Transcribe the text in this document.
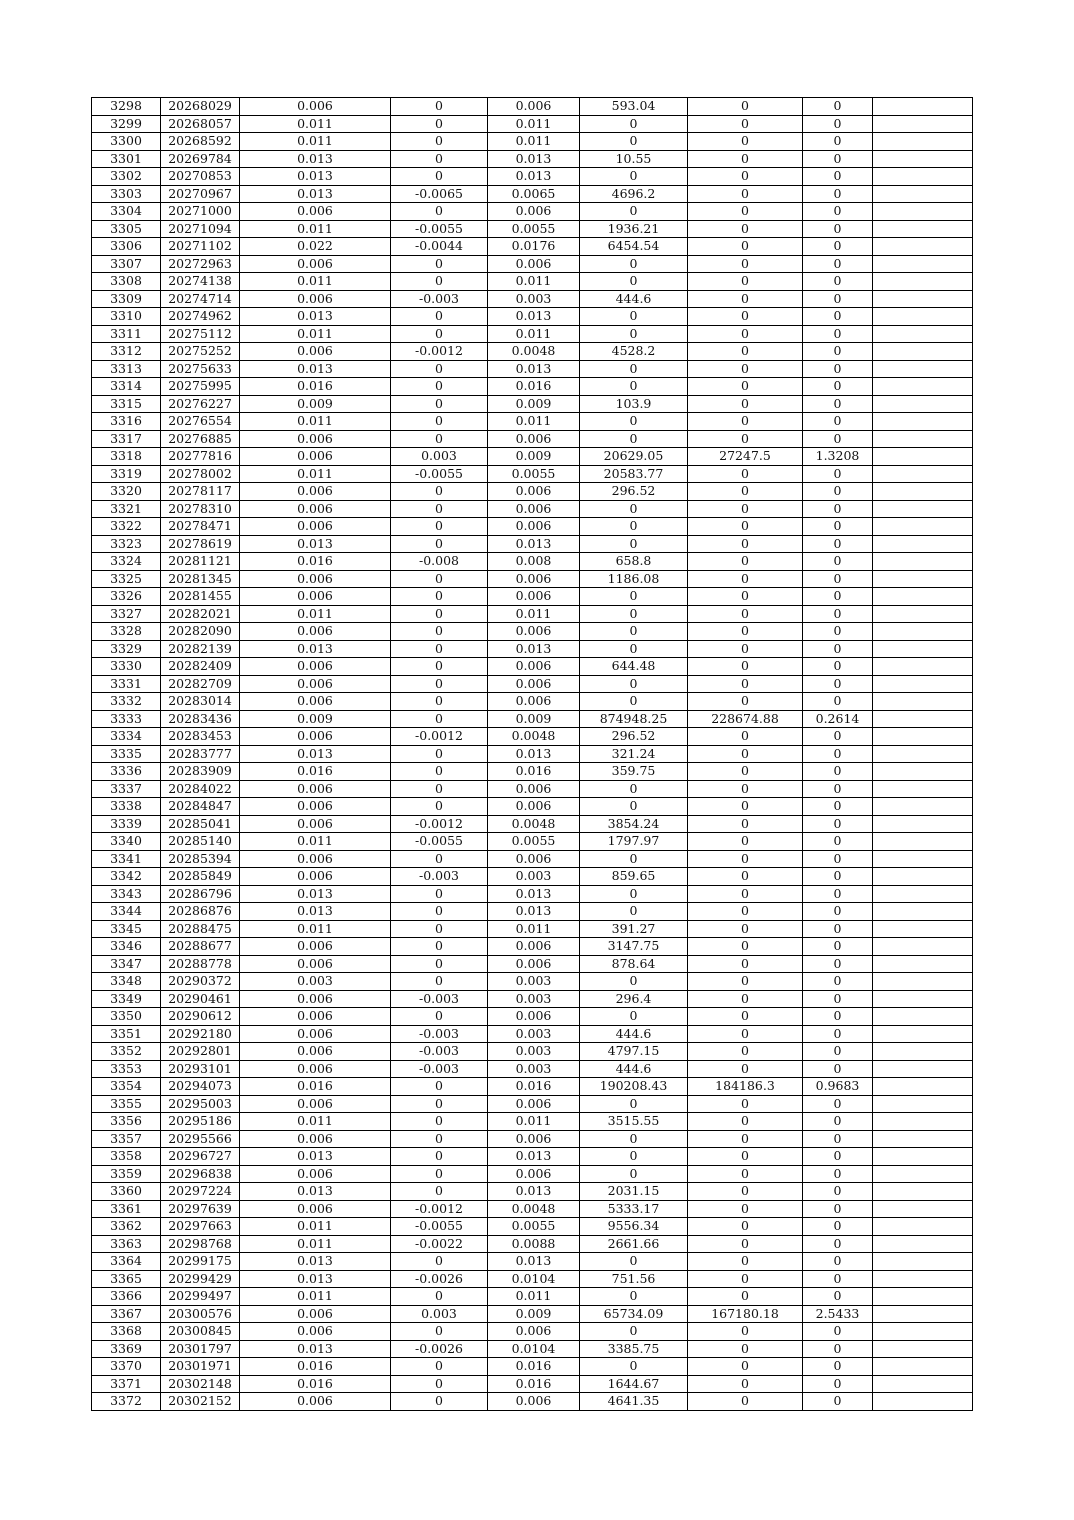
3298	20268029	0.006	0	0.006	593.04	0	0	
3299	20268057	0.011	0	0.011	0	0	0	
3300	20268592	0.011	0	0.011	0	0	0	
3301	20269784	0.013	0	0.013	10.55	0	0	
3302	20270853	0.013	0	0.013	0	0	0	
3303	20270967	0.013	-0.0065	0.0065	4696.2	0	0	
3304	20271000	0.006	0	0.006	0	0	0	
3305	20271094	0.011	-0.0055	0.0055	1936.21	0	0	
3306	20271102	0.022	-0.0044	0.0176	6454.54	0	0	
3307	20272963	0.006	0	0.006	0	0	0	
3308	20274138	0.011	0	0.011	0	0	0	
3309	20274714	0.006	-0.003	0.003	444.6	0	0	
3310	20274962	0.013	0	0.013	0	0	0	
3311	20275112	0.011	0	0.011	0	0	0	
3312	20275252	0.006	-0.0012	0.0048	4528.2	0	0	
3313	20275633	0.013	0	0.013	0	0	0	
3314	20275995	0.016	0	0.016	0	0	0	
3315	20276227	0.009	0	0.009	103.9	0	0	
3316	20276554	0.011	0	0.011	0	0	0	
3317	20276885	0.006	0	0.006	0	0	0	
3318	20277816	0.006	0.003	0.009	20629.05	27247.5	1.3208	
3319	20278002	0.011	-0.0055	0.0055	20583.77	0	0	
3320	20278117	0.006	0	0.006	296.52	0	0	
3321	20278310	0.006	0	0.006	0	0	0	
3322	20278471	0.006	0	0.006	0	0	0	
3323	20278619	0.013	0	0.013	0	0	0	
3324	20281121	0.016	-0.008	0.008	658.8	0	0	
3325	20281345	0.006	0	0.006	1186.08	0	0	
3326	20281455	0.006	0	0.006	0	0	0	
3327	20282021	0.011	0	0.011	0	0	0	
3328	20282090	0.006	0	0.006	0	0	0	
3329	20282139	0.013	0	0.013	0	0	0	
3330	20282409	0.006	0	0.006	644.48	0	0	
3331	20282709	0.006	0	0.006	0	0	0	
3332	20283014	0.006	0	0.006	0	0	0	
3333	20283436	0.009	0	0.009	874948.25	228674.88	0.2614	
3334	20283453	0.006	-0.0012	0.0048	296.52	0	0	
3335	20283777	0.013	0	0.013	321.24	0	0	
3336	20283909	0.016	0	0.016	359.75	0	0	
3337	20284022	0.006	0	0.006	0	0	0	
3338	20284847	0.006	0	0.006	0	0	0	
3339	20285041	0.006	-0.0012	0.0048	3854.24	0	0	
3340	20285140	0.011	-0.0055	0.0055	1797.97	0	0	
3341	20285394	0.006	0	0.006	0	0	0	
3342	20285849	0.006	-0.003	0.003	859.65	0	0	
3343	20286796	0.013	0	0.013	0	0	0	
3344	20286876	0.013	0	0.013	0	0	0	
3345	20288475	0.011	0	0.011	391.27	0	0	
3346	20288677	0.006	0	0.006	3147.75	0	0	
3347	20288778	0.006	0	0.006	878.64	0	0	
3348	20290372	0.003	0	0.003	0	0	0	
3349	20290461	0.006	-0.003	0.003	296.4	0	0	
3350	20290612	0.006	0	0.006	0	0	0	
3351	20292180	0.006	-0.003	0.003	444.6	0	0	
3352	20292801	0.006	-0.003	0.003	4797.15	0	0	
3353	20293101	0.006	-0.003	0.003	444.6	0	0	
3354	20294073	0.016	0	0.016	190208.43	184186.3	0.9683	
3355	20295003	0.006	0	0.006	0	0	0	
3356	20295186	0.011	0	0.011	3515.55	0	0	
3357	20295566	0.006	0	0.006	0	0	0	
3358	20296727	0.013	0	0.013	0	0	0	
3359	20296838	0.006	0	0.006	0	0	0	
3360	20297224	0.013	0	0.013	2031.15	0	0	
3361	20297639	0.006	-0.0012	0.0048	5333.17	0	0	
3362	20297663	0.011	-0.0055	0.0055	9556.34	0	0	
3363	20298768	0.011	-0.0022	0.0088	2661.66	0	0	
3364	20299175	0.013	0	0.013	0	0	0	
3365	20299429	0.013	-0.0026	0.0104	751.56	0	0	
3366	20299497	0.011	0	0.011	0	0	0	
3367	20300576	0.006	0.003	0.009	65734.09	167180.18	2.5433	
3368	20300845	0.006	0	0.006	0	0	0	
3369	20301797	0.013	-0.0026	0.0104	3385.75	0	0	
3370	20301971	0.016	0	0.016	0	0	0	
3371	20302148	0.016	0	0.016	1644.67	0	0	
3372	20302152	0.006	0	0.006	4641.35	0	0	
